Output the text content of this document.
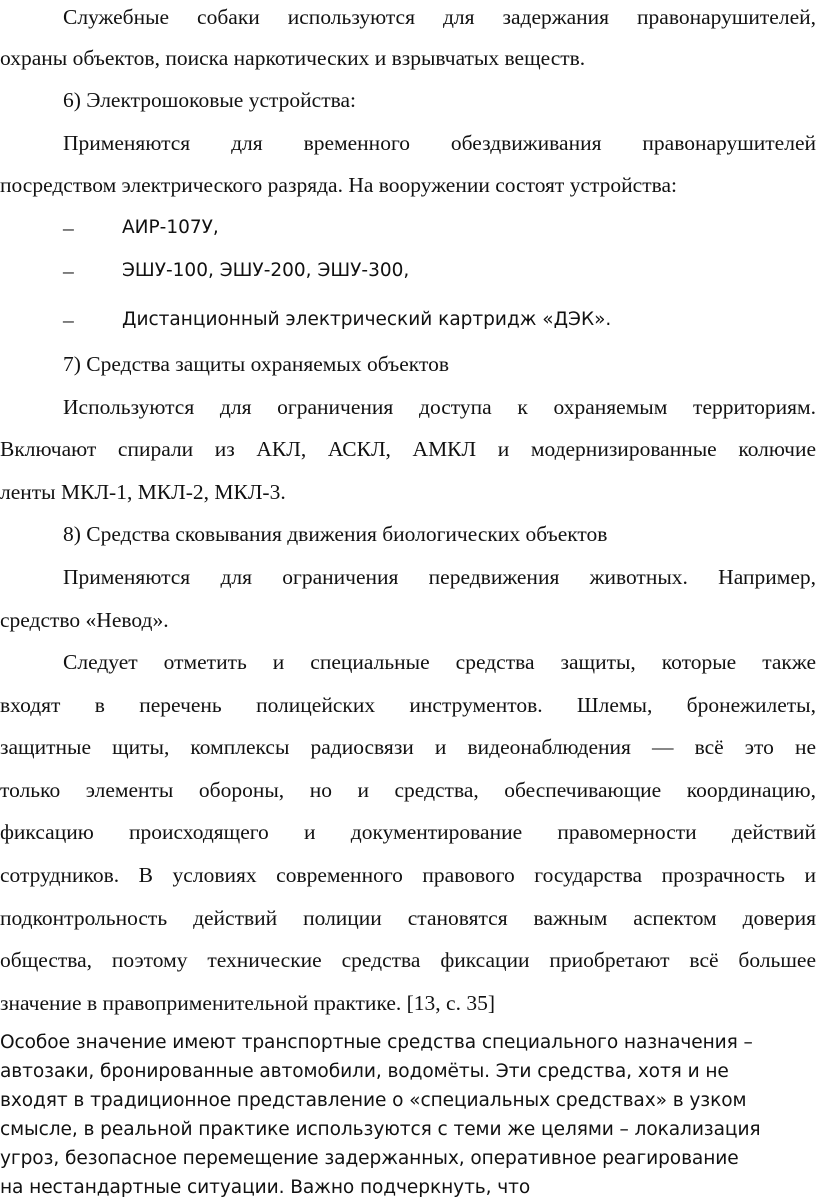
Служебные собаки используются для задержания правонарушителей,
охраны объектов, поиска наркотических и взрывчатых веществ.
6) Электрошоковые устройства:
Применяются для временного обездвиживания правонарушителей
посредством электрического разряда. На вооружении состоят устройства:
–	АИР-107У,
–	ЭШУ-100, ЭШУ-200, ЭШУ-300,
–	Дистанционный электрический картридж «ДЭК».
7) Средства защиты охраняемых объектов
Используются для ограничения доступа к охраняемым территориям.
Включают спирали из АКЛ, АСКЛ, АМКЛ и модернизированные колючие
ленты МКЛ-1, МКЛ-2, МКЛ-3.
8) Средства сковывания движения биологических объектов
Применяются для ограничения передвижения животных. Например,
средство «Невод».
Следует отметить и специальные средства защиты, которые также
входят в перечень полицейских инструментов. Шлемы, бронежилеты,
защитные щиты, комплексы радиосвязи и видеонаблюдения — всё это не
только элементы обороны, но и средства, обеспечивающие координацию,
фиксацию происходящего и документирование правомерности действий
сотрудников. В условиях современного правового государства прозрачность и
подконтрольность действий полиции становятся важным аспектом доверия
общества, поэтому технические средства фиксации приобретают всё большее
значение в правоприменительной практике. [13, с. 35]
Особое значение имеют транспортные средства специального назначения –
автозаки, бронированные автомобили, водомёты. Эти средства, хотя и не
входят в традиционное представление о «специальных средствах» в узком
смысле, в реальной практике используются с теми же целями – локализация
угроз, безопасное перемещение задержанных, оперативное реагирование
на нестандартные ситуации. Важно подчеркнуть, что
